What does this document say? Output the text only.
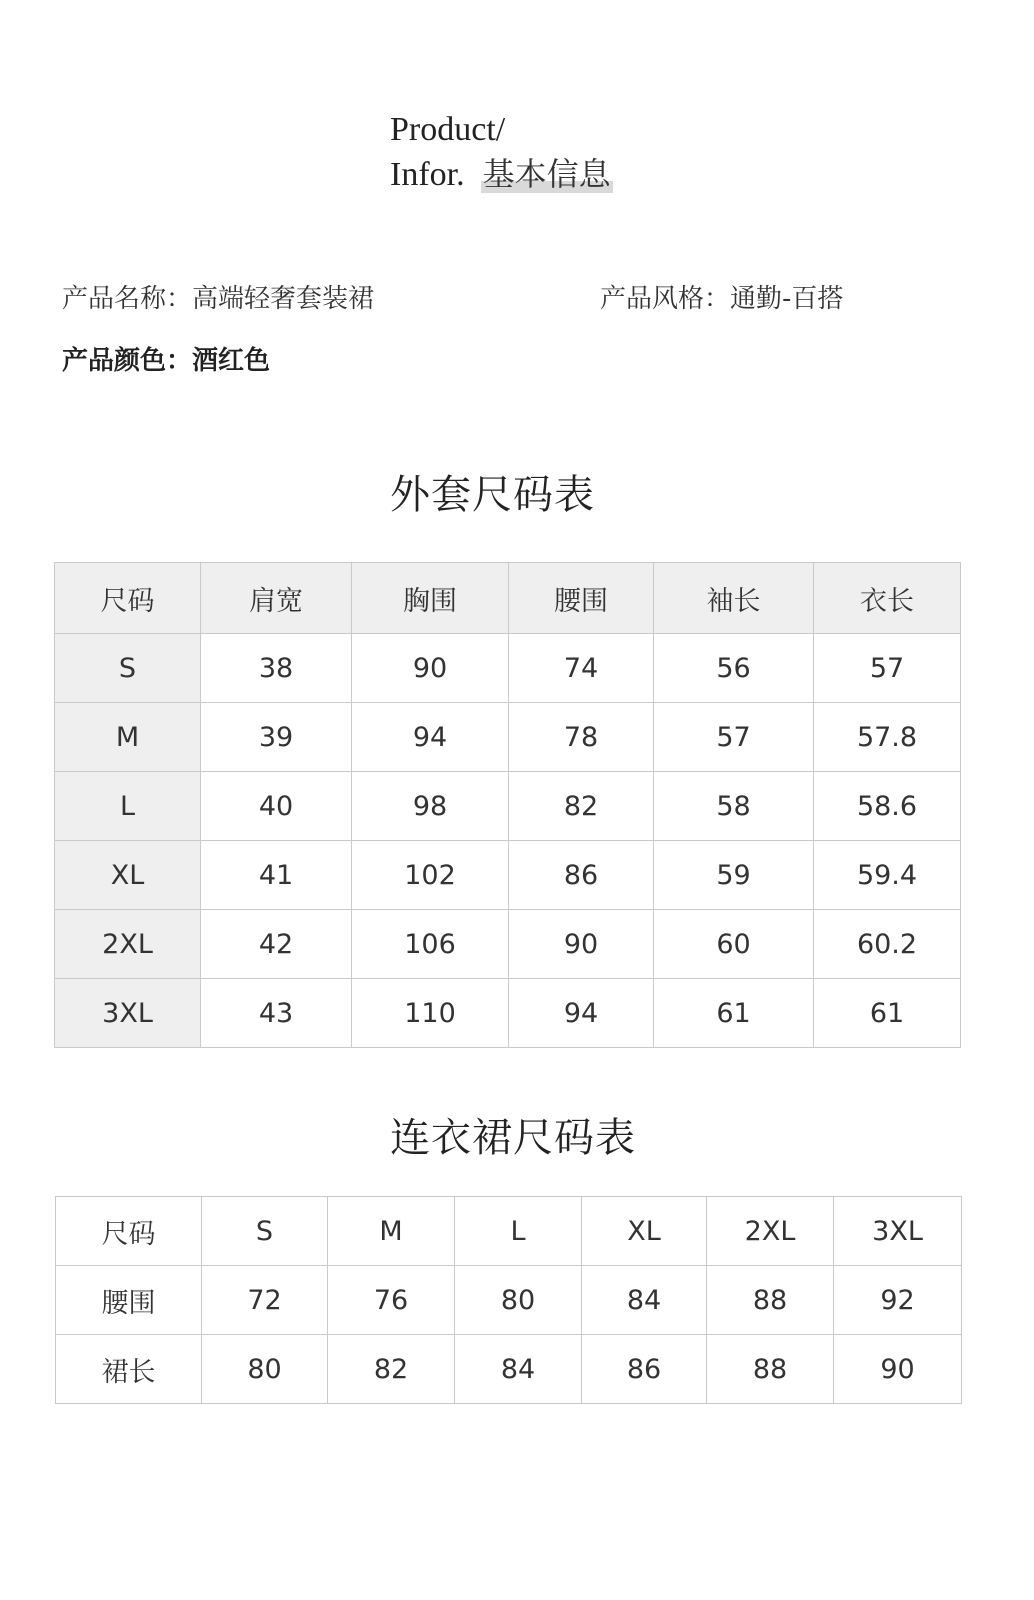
Product/
Infor. 基本信息
产品名称：高端轻奢套装裙	产品风格：通勤-百搭
产品颜色：酒红色
外套尺码表
尺码	肩宽	胸围	腰围	袖长	衣长
S	38	90	74	56	57
M	39	94	78	57	57.8
L	40	98	82	58	58.6
XL	41	102	86	59	59.4
2XL	42	106	90	60	60.2
3XL	43	110	94	61	61
连衣裙尺码表
尺码	S	M	L	XL	2XL	3XL
腰围	72	76	80	84	88	92
裙长	80	82	84	86	88	90
